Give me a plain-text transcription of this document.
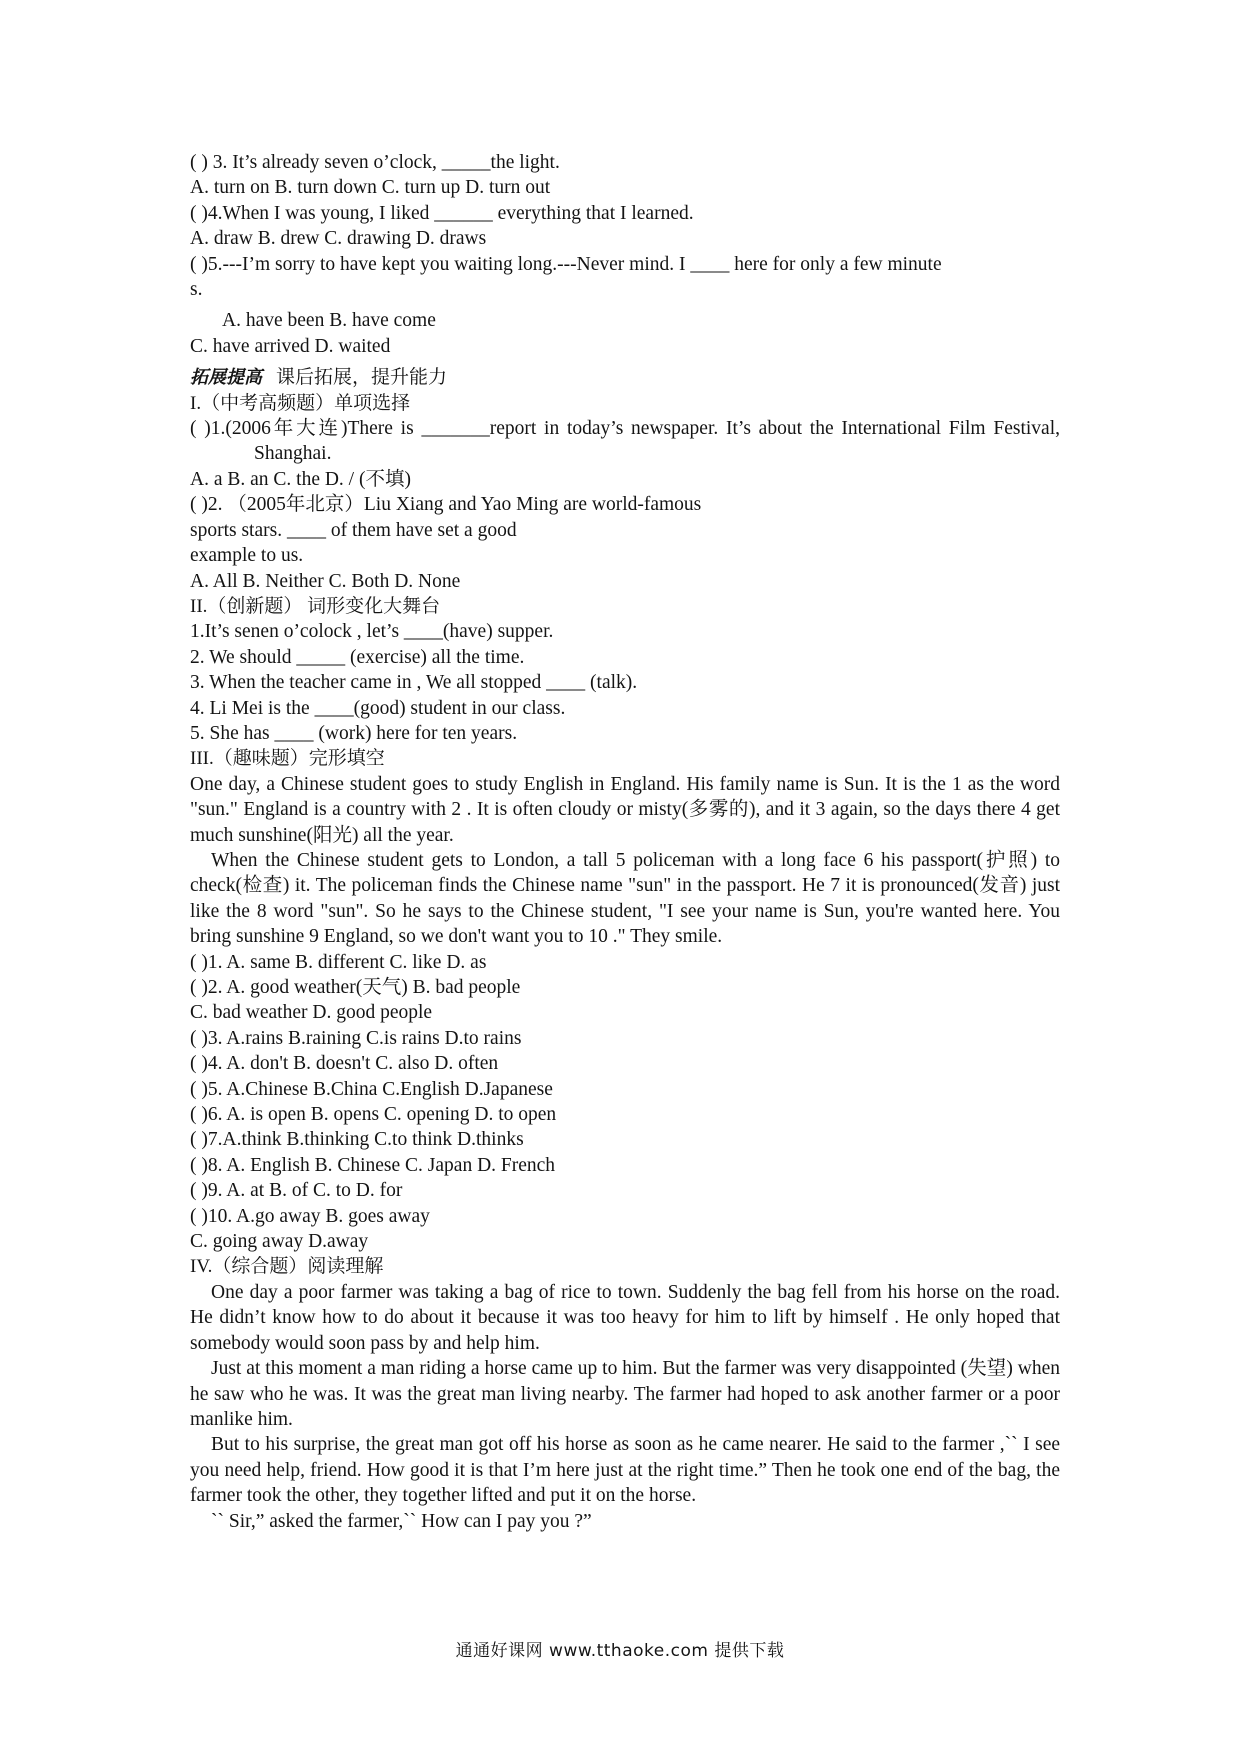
( ) 3. It’s already seven o’clock, _____the light.
A. turn on B. turn down C. turn up D. turn out
( )4.When I was young, I liked ______ everything that I learned.
A. draw B. drew C. drawing D. draws
( )5.---I’m sorry to have kept you waiting long.---Never mind. I ____ here for only a few minute
s.
A. have been B. have come
C. have arrived D. waited
拓展提高 课后拓展，提升能力
I.（中考高频题）单项选择
( )1.(2006年大连)There is _______report in today’s newspaper. It’s about the International Film Festival, Shanghai.
A. a B. an C. the D. / (不填)
( )2. （2005年北京）Liu Xiang and Yao Ming are world-famous
sports stars. ____ of them have set a good
example to us.
A. All B. Neither C. Both D. None
II.（创新题） 词形变化大舞台
1.It’s senen o’colock , let’s ____(have) supper.
2. We should _____ (exercise) all the time.
3. When the teacher came in , We all stopped ____ (talk).
4. Li Mei is the ____(good) student in our class.
5. She has ____ (work) here for ten years.
III.（趣味题）完形填空
One day, a Chinese student goes to study English in England. His family name is Sun. It is the 1 as the word "sun." England is a country with 2 . It is often cloudy or misty(多雾的), and it 3 again, so the days there 4 get much sunshine(阳光) all the year.
When the Chinese student gets to London, a tall 5 policeman with a long face 6 his passport(护照) to check(检查) it. The policeman finds the Chinese name "sun" in the passport. He 7 it is pronounced(发音) just like the 8 word "sun". So he says to the Chinese student, "I see your name is Sun, you're wanted here. You bring sunshine 9 England, so we don't want you to 10 ." They smile.
( )1. A. same B. different C. like D. as
( )2. A. good weather(天气) B. bad people
C. bad weather D. good people
( )3. A.rains B.raining C.is rains D.to rains
( )4. A. don't B. doesn't C. also D. often
( )5. A.Chinese B.China C.English D.Japanese
( )6. A. is open B. opens C. opening D. to open
( )7.A.think B.thinking C.to think D.thinks
( )8. A. English B. Chinese C. Japan D. French
( )9. A. at B. of C. to D. for
( )10. A.go away B. goes away
C. going away D.away
IV.（综合题）阅读理解
One day a poor farmer was taking a bag of rice to town. Suddenly the bag fell from his horse on the road. He didn’t know how to do about it because it was too heavy for him to lift by himself . He only hoped that somebody would soon pass by and help him.
Just at this moment a man riding a horse came up to him. But the farmer was very disappointed (失望) when he saw who he was. It was the great man living nearby. The farmer had hoped to ask another farmer or a poor manlike him.
But to his surprise, the great man got off his horse as soon as he came nearer. He said to the farmer ,`` I see you need help, friend. How good it is that I’m here just at the right time.” Then he took one end of the bag, the farmer took the other, they together lifted and put it on the horse.
`` Sir,” asked the farmer,`` How can I pay you ?”
通通好课网 www.tthaoke.com 提供下载
